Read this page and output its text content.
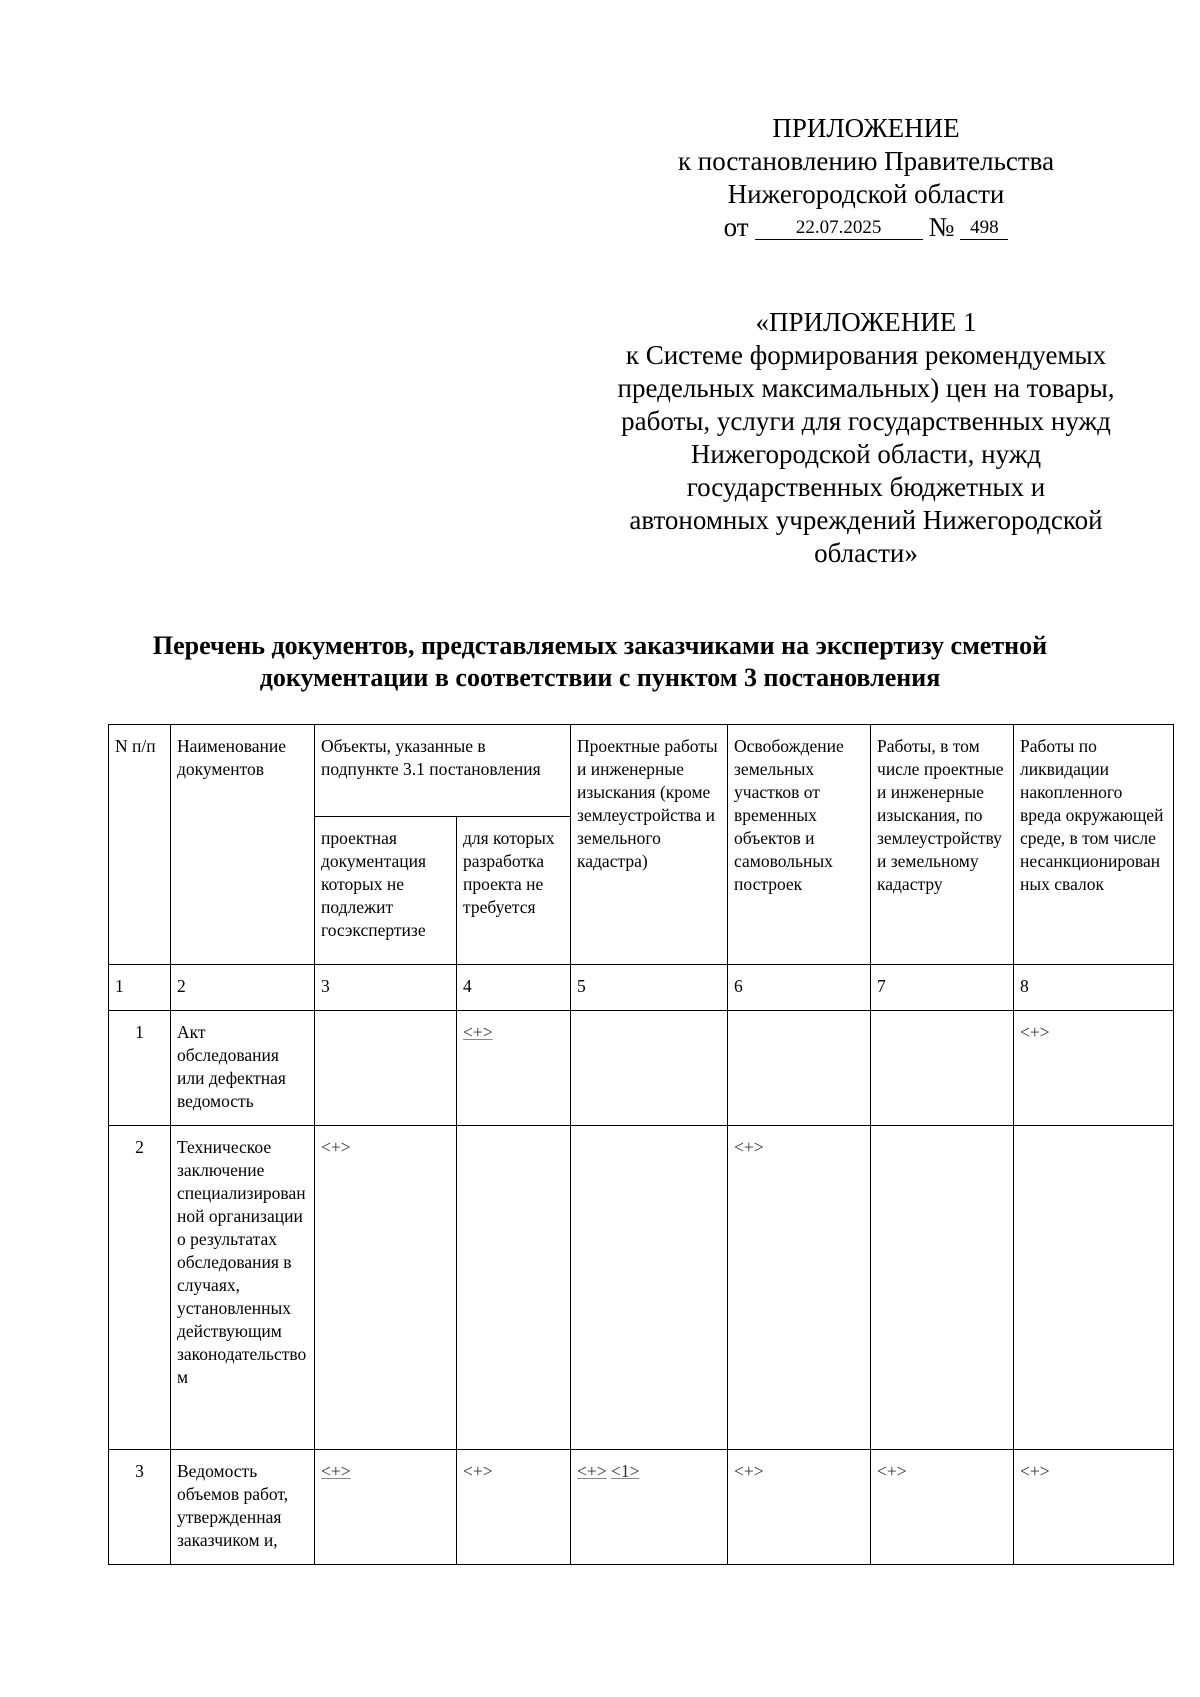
ПРИЛОЖЕНИЕ
к постановлению Правительства
Нижегородской области
от	22.07.2025	№ 498
«ПРИЛОЖЕНИЕ 1
к Системе формирования рекомендуемых
предельных максимальных) цен на товары,
работы, услуги для государственных нужд
Нижегородской области, нужд
государственных бюджетных и
автономных учреждений Нижегородской
области»
Перечень документов, представляемых заказчиками на экспертизу сметной
документации в соответствии с пунктом 3 постановления
N п/п	Наименование документов	Объекты, указанные в подпункте 3.1 постановления		Проектные работы и инженерные изыскания (кроме землеустройства и земельного кадастра)	Освобождение земельных участков от временных объектов и самовольных построек	Работы, в том числе проектные и инженерные изыскания, по землеустройству и земельному кадастру	Работы по ликвидации накопленного вреда окружающей среде, в том числе несанкционированных свалок
		проектная документация которых не подлежит госэкспертизе	для которых разработка проекта не требуется				
1	2	3	4	5	6	7	8
1	Акт обследования или дефектная ведомость		<+>				<+>
2	Техническое заключение специализированной организации о результатах обследования в случаях, установленных действующим законодательством	<+>			<+>		
3	Ведомость объемов работ, утвержденная заказчиком и,	<+>	<+>	<+> <1>	<+>	<+>	<+>
